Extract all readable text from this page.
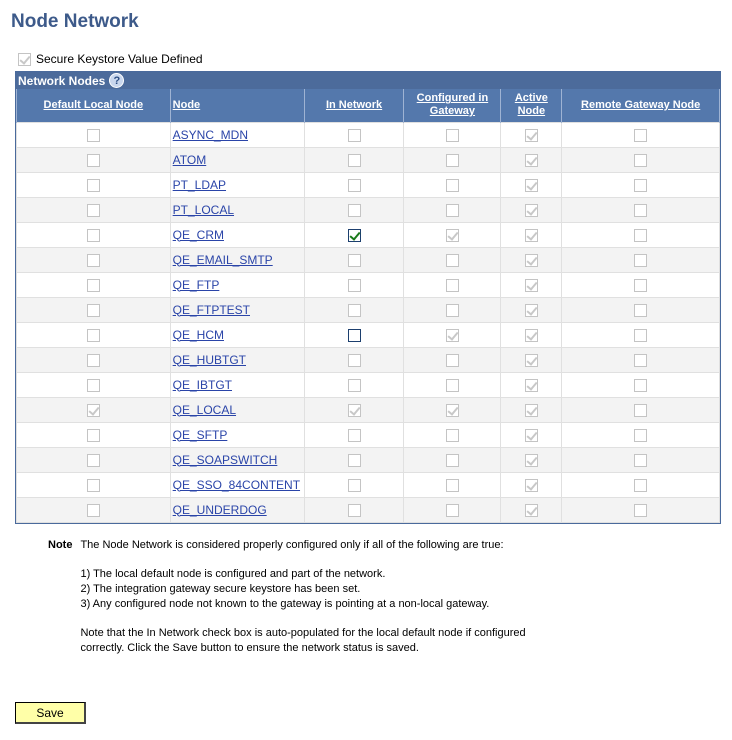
Node Network
Secure Keystore Value Defined
Network Nodes ?
Default Local Node	Node	In Network	Configured in Gateway	Active Node	Remote Gateway Node
	ASYNC_MDN				
	ATOM				
	PT_LDAP				
	PT_LOCAL				
	QE_CRM				
	QE_EMAIL_SMTP				
	QE_FTP				
	QE_FTPTEST				
	QE_HCM				
	QE_HUBTGT				
	QE_IBTGT				
	QE_LOCAL				
	QE_SFTP				
	QE_SOAPSWITCH				
	QE_SSO_84CONTENT				
	QE_UNDERDOG				
Note The Node Network is considered properly configured only if all of the following are true:

1) The local default node is configured and part of the network.

2) The integration gateway secure keystore has been set.

3) Any configured node not known to the gateway is pointing at a non-local gateway.

Note that the In Network check box is auto-populated for the local default node if configured correctly. Click the Save button to ensure the network status is saved.

Save
